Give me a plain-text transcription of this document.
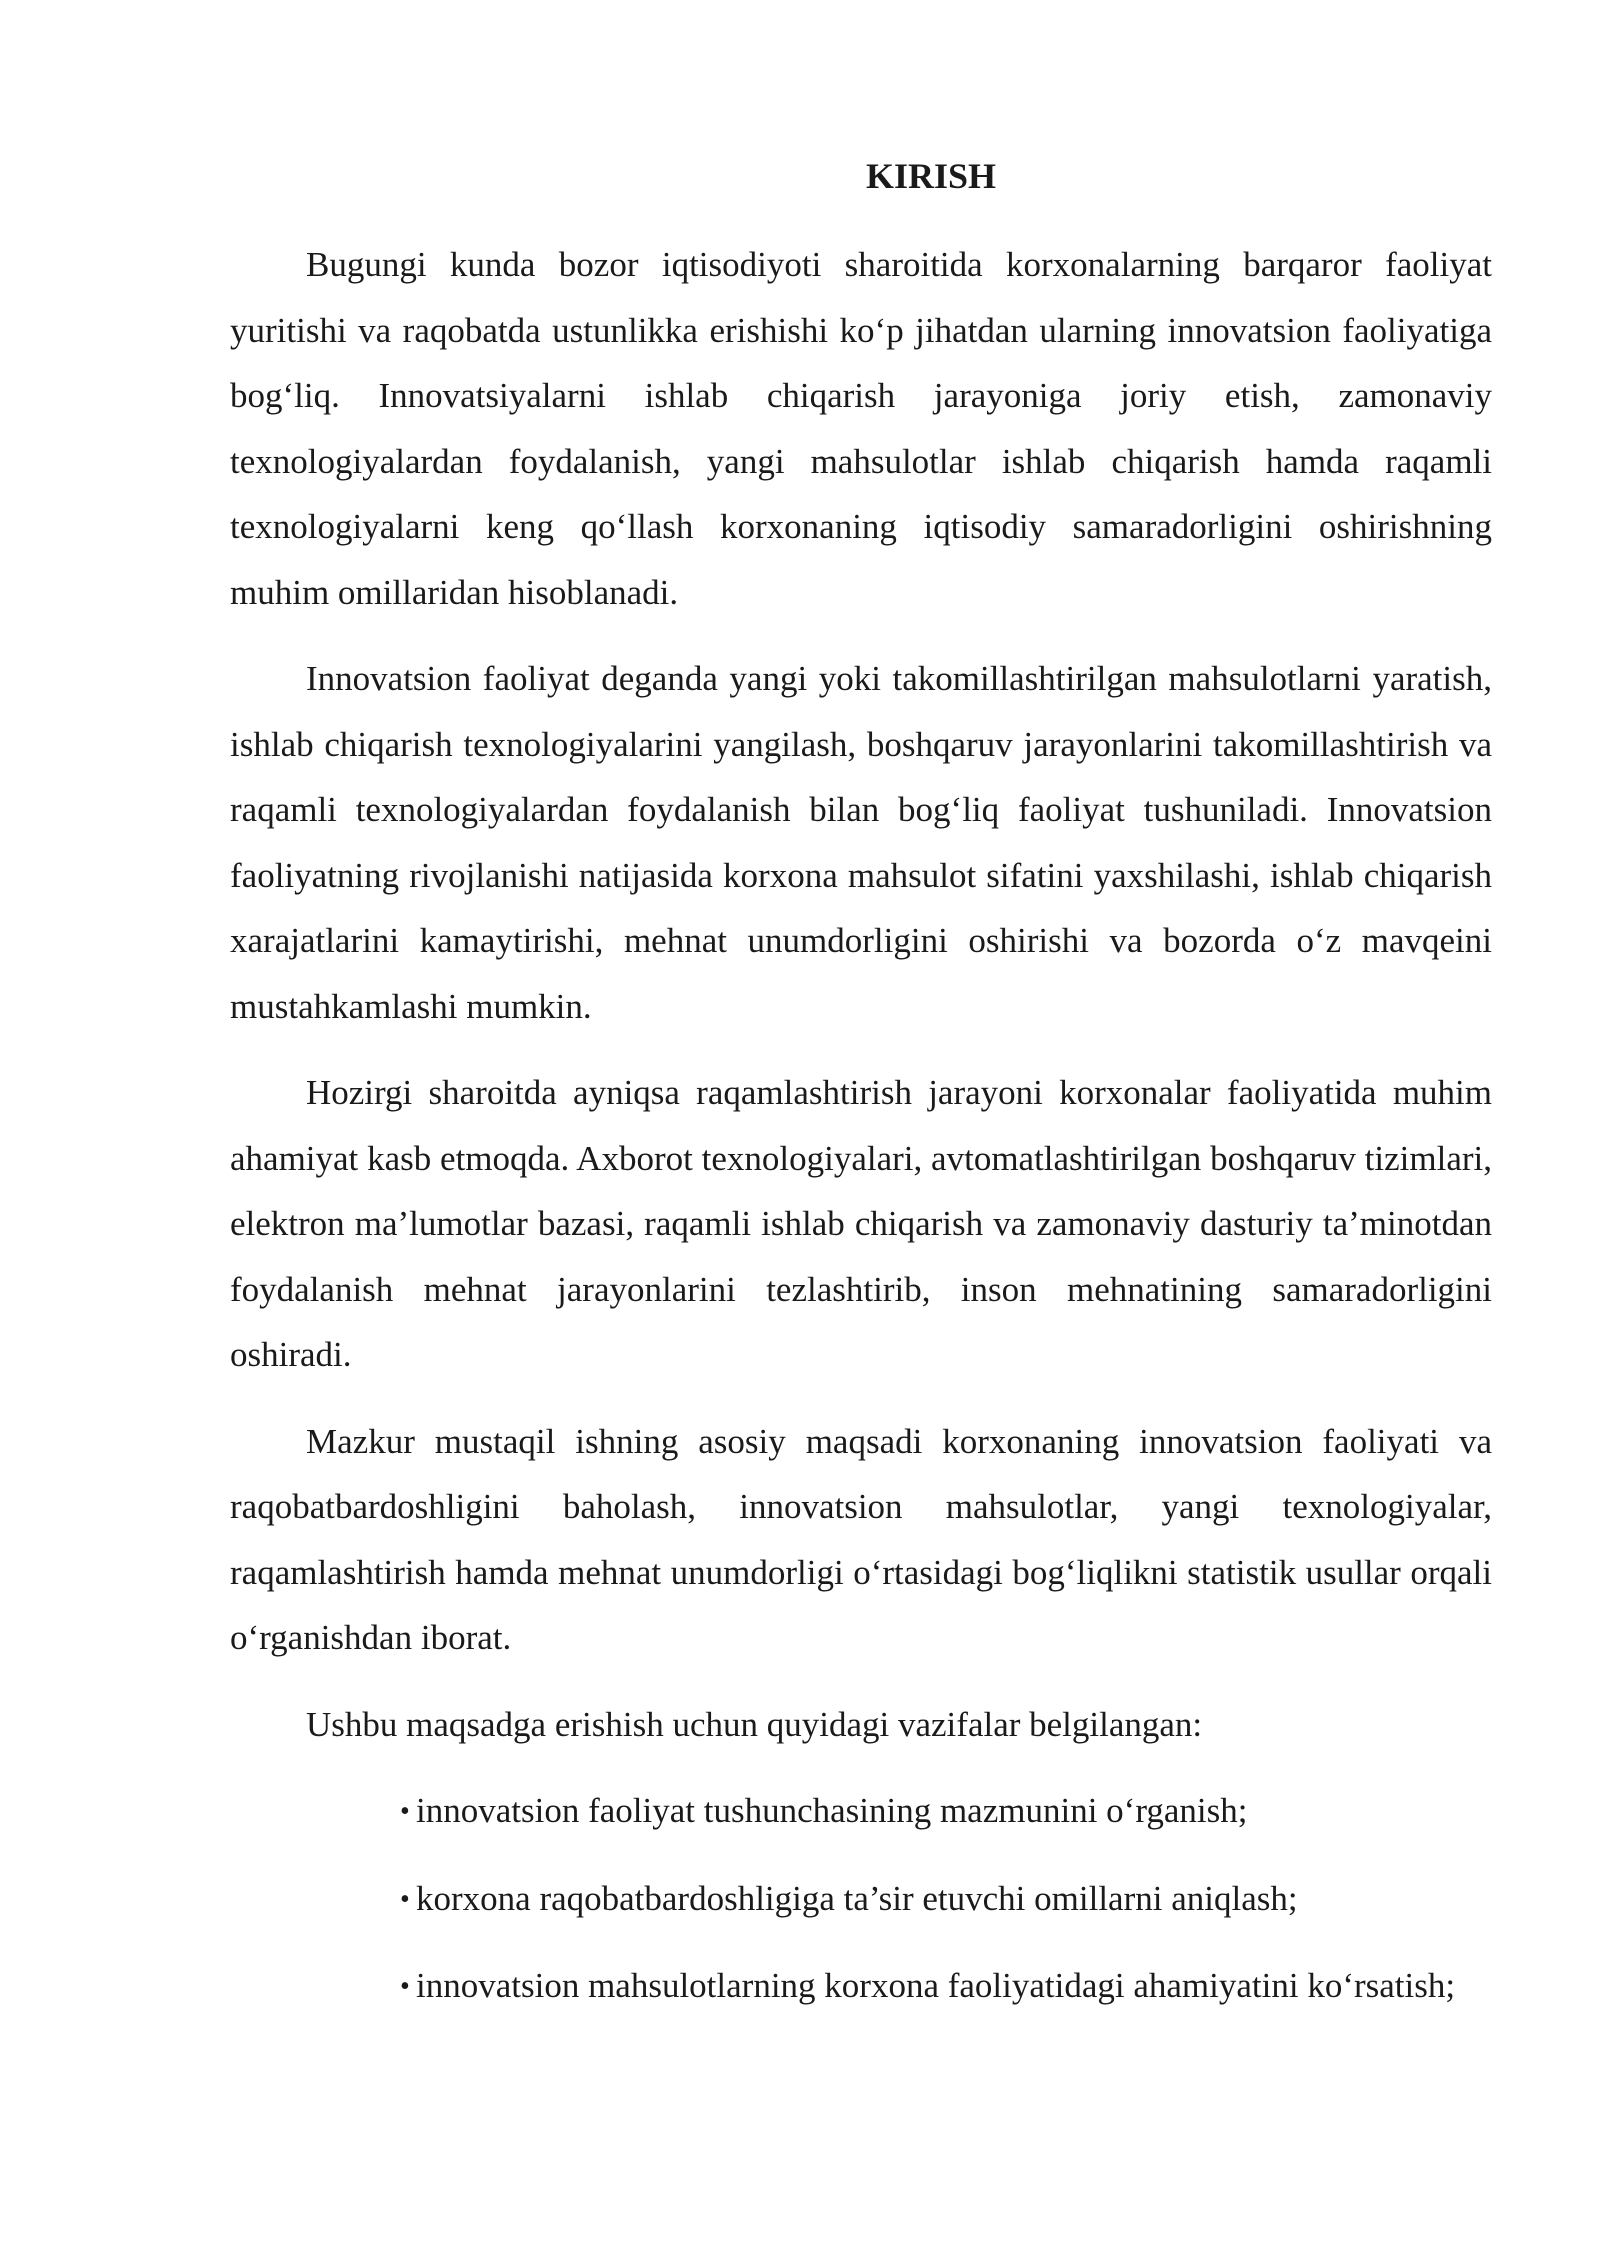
KIRISH

Bugungi kunda bozor iqtisodiyoti sharoitida korxonalarning barqaror faoliyat yuritishi va raqobatda ustunlikka erishishi ko‘p jihatdan ularning innovatsion faoliyatiga bog‘liq. Innovatsiyalarni ishlab chiqarish jarayoniga joriy etish, zamonaviy texnologiyalardan foydalanish, yangi mahsulotlar ishlab chiqarish hamda raqamli texnologiyalarni keng qo‘llash korxonaning iqtisodiy samaradorligini oshirishning muhim omillaridan hisoblanadi.

Innovatsion faoliyat deganda yangi yoki takomillashtirilgan mahsulotlarni yaratish, ishlab chiqarish texnologiyalarini yangilash, boshqaruv jarayonlarini takomillashtirish va raqamli texnologiyalardan foydalanish bilan bog‘liq faoliyat tushuniladi. Innovatsion faoliyatning rivojlanishi natijasida korxona mahsulot sifatini yaxshilashi, ishlab chiqarish xarajatlarini kamaytirishi, mehnat unumdorligini oshirishi va bozorda o‘z mavqeini mustahkamlashi mumkin.

Hozirgi sharoitda ayniqsa raqamlashtirish jarayoni korxonalar faoliyatida muhim ahamiyat kasb etmoqda. Axborot texnologiyalari, avtomatlashtirilgan boshqaruv tizimlari, elektron ma’lumotlar bazasi, raqamli ishlab chiqarish va zamonaviy dasturiy ta’minotdan foydalanish mehnat jarayonlarini tezlashtirib, inson mehnatining samaradorligini oshiradi.

Mazkur mustaqil ishning asosiy maqsadi korxonaning innovatsion faoliyati va raqobatbardoshligini baholash, innovatsion mahsulotlar, yangi texnologiyalar, raqamlashtirish hamda mehnat unumdorligi o‘rtasidagi bog‘liqlikni statistik usullar orqali o‘rganishdan iborat.

Ushbu maqsadga erishish uchun quyidagi vazifalar belgilangan:

• innovatsion faoliyat tushunchasining mazmunini o‘rganish;
• korxona raqobatbardoshligiga ta’sir etuvchi omillarni aniqlash;
• innovatsion mahsulotlarning korxona faoliyatidagi ahamiyatini ko‘rsatish;
